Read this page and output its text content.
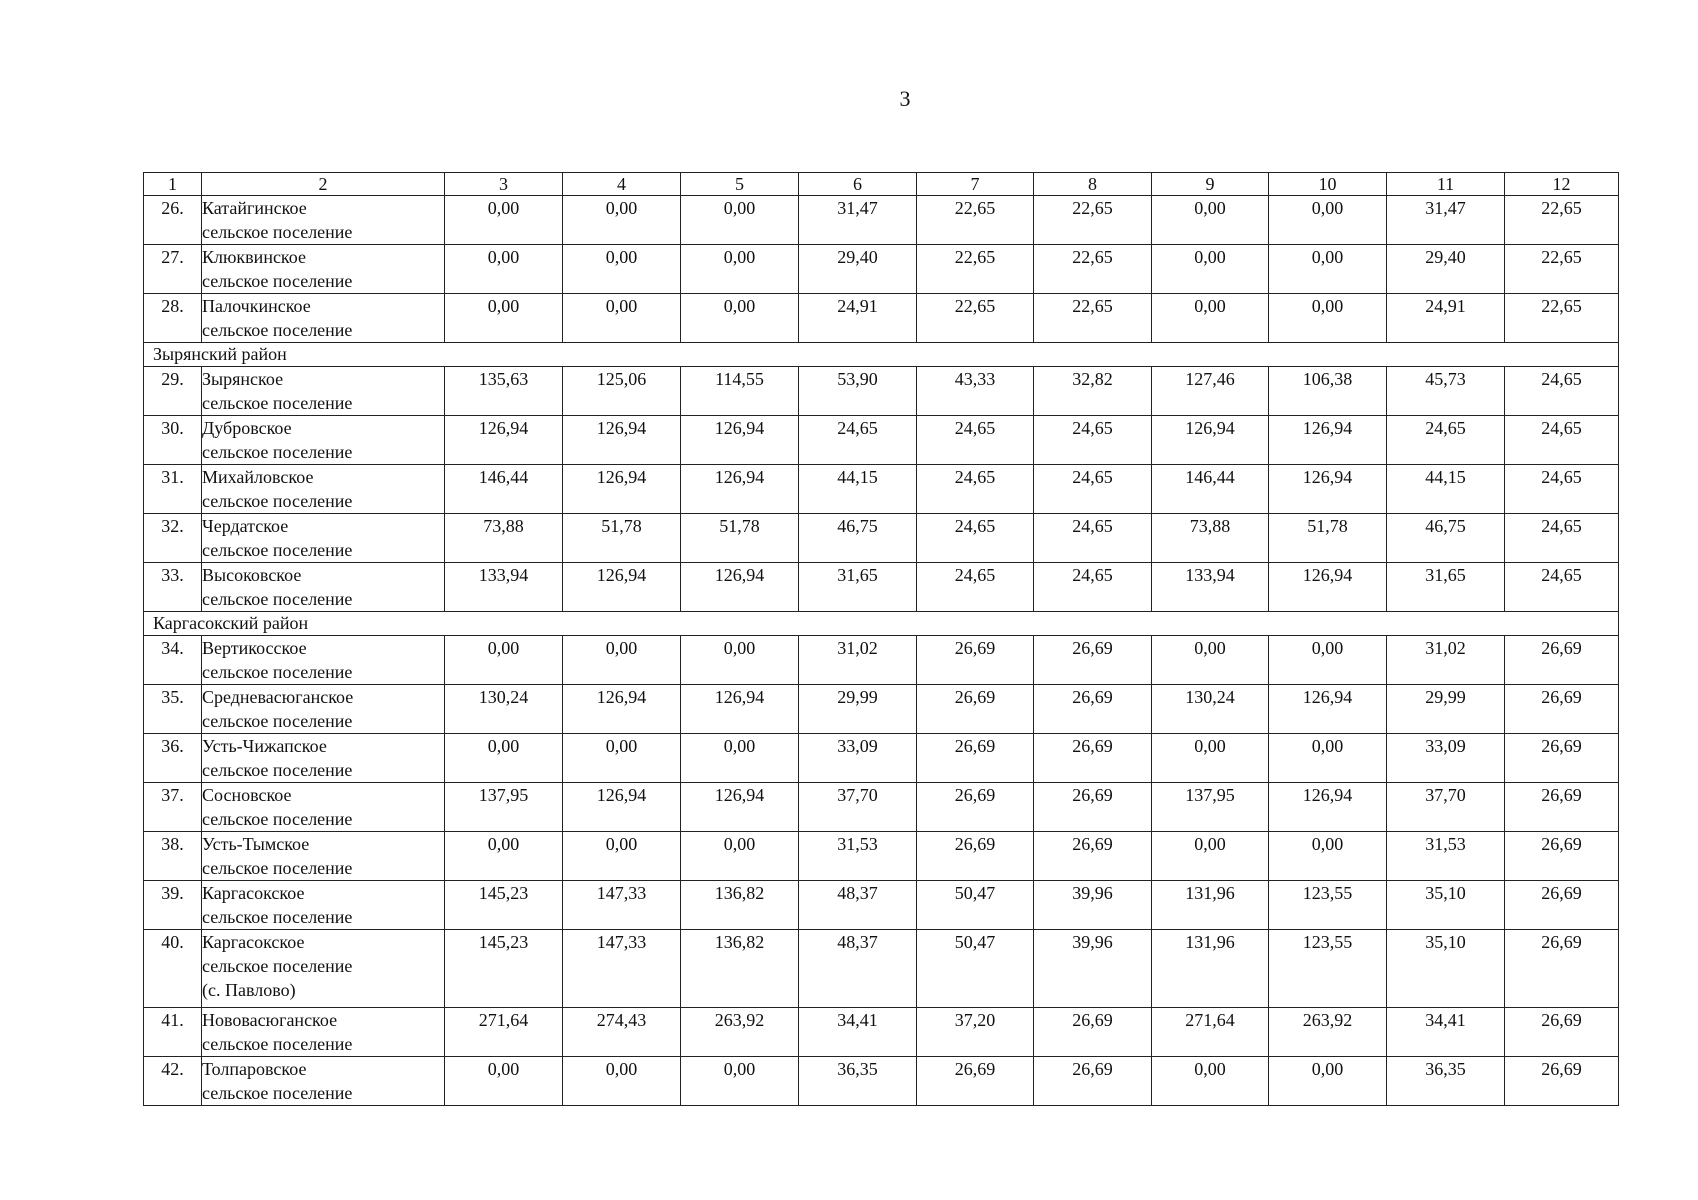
3
1	2	3	4	5	6	7	8	9	10	11	12
26.	Катайгинское
сельское поселение	0,00	0,00	0,00	31,47	22,65	22,65	0,00	0,00	31,47	22,65
27.	Клюквинское
сельское поселение	0,00	0,00	0,00	29,40	22,65	22,65	0,00	0,00	29,40	22,65
28.	Палочкинское
сельское поселение	0,00	0,00	0,00	24,91	22,65	22,65	0,00	0,00	24,91	22,65
Зырянский район											
29.	Зырянское
сельское поселение	135,63	125,06	114,55	53,90	43,33	32,82	127,46	106,38	45,73	24,65
30.	Дубровское
сельское поселение	126,94	126,94	126,94	24,65	24,65	24,65	126,94	126,94	24,65	24,65
31.	Михайловское
сельское поселение	146,44	126,94	126,94	44,15	24,65	24,65	146,44	126,94	44,15	24,65
32.	Чердатское
сельское поселение	73,88	51,78	51,78	46,75	24,65	24,65	73,88	51,78	46,75	24,65
33.	Высоковское
сельское поселение	133,94	126,94	126,94	31,65	24,65	24,65	133,94	126,94	31,65	24,65
Каргасокский район											
34.	Вертикосское
сельское поселение	0,00	0,00	0,00	31,02	26,69	26,69	0,00	0,00	31,02	26,69
35.	Средневасюганское
сельское поселение	130,24	126,94	126,94	29,99	26,69	26,69	130,24	126,94	29,99	26,69
36.	Усть-Чижапское
сельское поселение	0,00	0,00	0,00	33,09	26,69	26,69	0,00	0,00	33,09	26,69
37.	Сосновское
сельское поселение	137,95	126,94	126,94	37,70	26,69	26,69	137,95	126,94	37,70	26,69
38.	Усть-Тымское
сельское поселение	0,00	0,00	0,00	31,53	26,69	26,69	0,00	0,00	31,53	26,69
39.	Каргасокское
сельское поселение	145,23	147,33	136,82	48,37	50,47	39,96	131,96	123,55	35,10	26,69
40.	Каргасокское
сельское поселение
(с. Павлово)	145,23	147,33	136,82	48,37	50,47	39,96	131,96	123,55	35,10	26,69
41.	Нововасюганское
сельское поселение	271,64	274,43	263,92	34,41	37,20	26,69	271,64	263,92	34,41	26,69
42.	Толпаровское
сельское поселение	0,00	0,00	0,00	36,35	26,69	26,69	0,00	0,00	36,35	26,69
